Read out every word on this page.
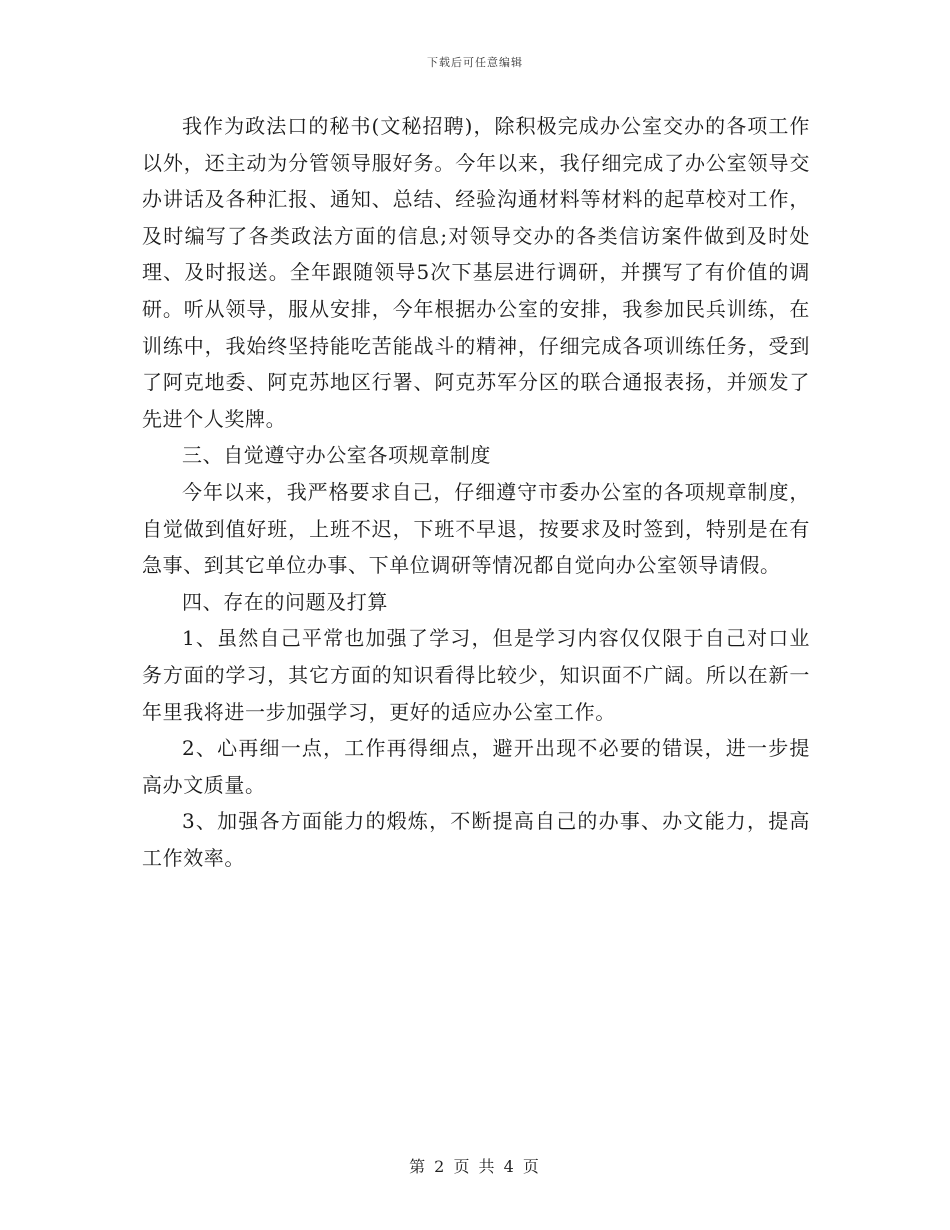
下载后可任意编辑

我作为政法口的秘书(文秘招聘)，除积极完成办公室交办的各项工作以外，还主动为分管领导服好务。今年以来，我仔细完成了办公室领导交办讲话及各种汇报、通知、总结、经验沟通材料等材料的起草校对工作，及时编写了各类政法方面的信息;对领导交办的各类信访案件做到及时处理、及时报送。全年跟随领导5次下基层进行调研，并撰写了有价值的调研。听从领导，服从安排，今年根据办公室的安排，我参加民兵训练，在训练中，我始终坚持能吃苦能战斗的精神，仔细完成各项训练任务，受到了阿克地委、阿克苏地区行署、阿克苏军分区的联合通报表扬，并颁发了先进个人奖牌。

三、自觉遵守办公室各项规章制度

今年以来，我严格要求自己，仔细遵守市委办公室的各项规章制度，自觉做到值好班，上班不迟，下班不早退，按要求及时签到，特别是在有急事、到其它单位办事、下单位调研等情况都自觉向办公室领导请假。

四、存在的问题及打算

1、虽然自己平常也加强了学习，但是学习内容仅仅限于自己对口业务方面的学习，其它方面的知识看得比较少，知识面不广阔。所以在新一年里我将进一步加强学习，更好的适应办公室工作。

2、心再细一点，工作再得细点，避开出现不必要的错误，进一步提高办文质量。

3、加强各方面能力的煅炼，不断提高自己的办事、办文能力，提高工作效率。

第 2 页 共 4 页
